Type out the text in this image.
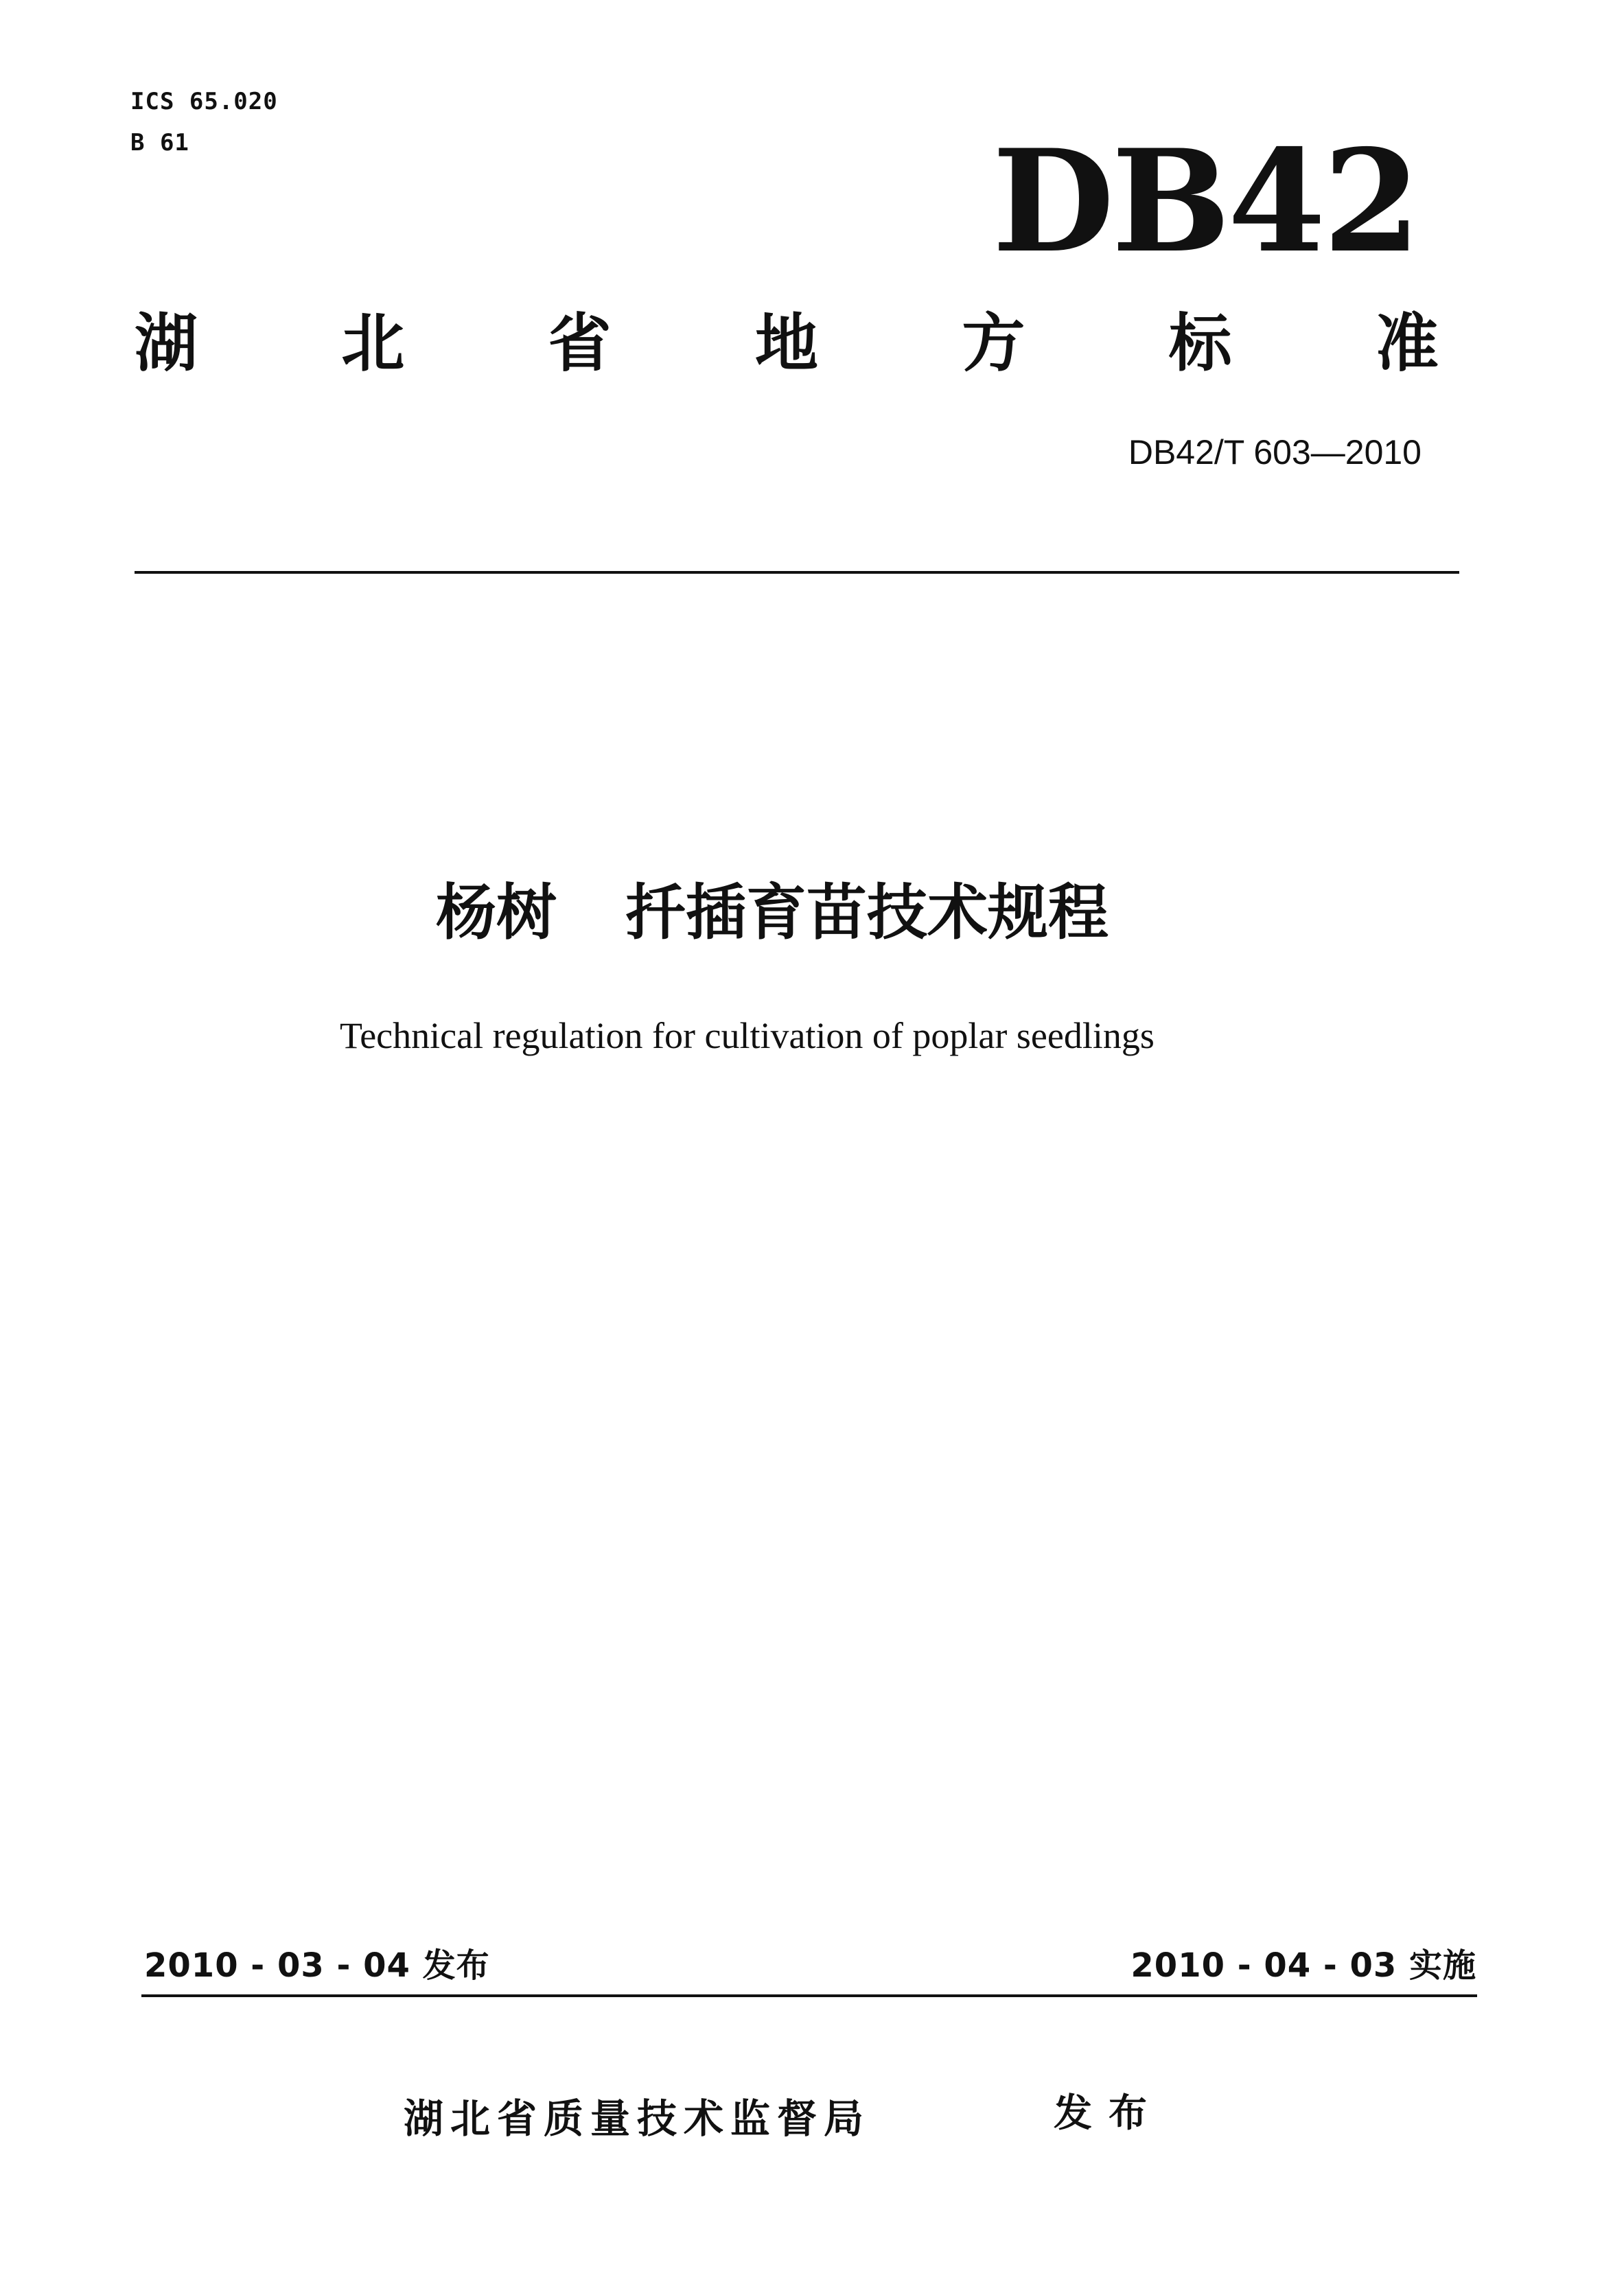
ICS 65.020
B 61	DB42
湖 北 省 地 方 标 准
DB42/T 603—2010
杨树 扦插育苗技术规程
Technical regulation for cultivation of poplar seedlings
2010 - 03 - 04 发布	2010 - 04 - 03 实施
湖北省质量技术监督局	发布
